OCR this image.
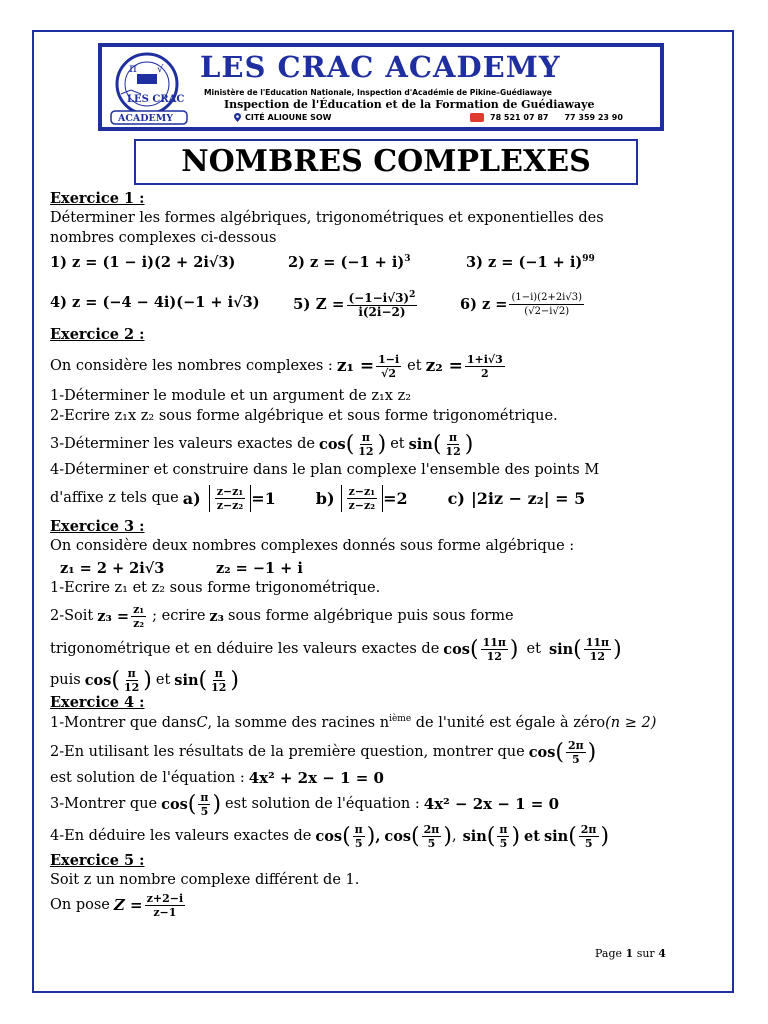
π √
LES CRAC
ACADEMY
LES CRAC ACADEMY
Ministère de l'Education Nationale, Inspection d'Académie de Pikine–Guédiawaye
Inspection de l'Éducation et de la Formation de Guédiawaye
CITÉ ALIOUNE SOW	78 521 07 87 77 359 23 90
NOMBRES COMPLEXES
Exercice 1 :
Déterminer les formes algébriques, trigonométriques et exponentielles des
nombres complexes ci-dessous
1) z = (1 − i)(2 + 2i√3)	2) $z = (-1 + i)^3$	3) $z = (-1 + i)^{99}$
4) z = (−4 − 4i)(−1 + i√3) 5) $Z = \frac{(-1-i√3)^2}{i(2i-2)}$	6) $z = \frac{(1-i)(2+2i√3)}{(√2-i√2)}$
Exercice 2 :
On considère les nombres complexes : $z_1 = \frac{1-i}{√2}$ et $z_2 = \frac{1+i√3}{2}$
1-Déterminer le module et un argument de z₁x z₂
2-Ecrire z₁x z₂ sous forme algébrique et sous forme trigonométrique.
3-Déterminer les valeurs exactes de cos ( $\frac{\pi}{12}$ ) et sin ( $\frac{\pi}{12}$ )
4-Déterminer et construire dans le plan complexe l'ensemble des points M
d'affixe z tels que $a) \frac{\text{z−z₁}}{\text{z−z₂}} =1$	$b) \frac{\text{z−z₁}}{\text{z−z₂}} =2$	c) |2iz − z₂| = 5
Exercice 3 :
On considère deux nombres complexes donnés sous forme algébrique :
z₁ = 2 + 2i√3	z₂ = −1 + i
1-Ecrire z₁ et z₂ sous forme trigonométrique.
2-Soit $z_3 = \frac{\text{z₁}}{\text{z₂}}$ ; ecrire z₃ sous forme algébrique puis sous forme
trigonométrique et en déduire les valeurs exactes de cos ( $\frac{11\pi}{12}$ ) et sin ( $\frac{11\pi}{12}$ )
puis cos ( $\frac{\pi}{12}$ ) et sin ( $\frac{\pi}{12}$ )
Exercice 4 :
1-Montrer que dansC, la somme des racines $n^{ième}$ de l'unité est égale à zéro(n ≥ 2)
2-En utilisant les résultats de la première question, montrer que cos ( $\frac{2\pi}{5}$ )
est solution de l'équation : 4x² + 2x − 1 = 0
3-Montrer que cos ( $\frac{\pi}{5}$ ) est solution de l'équation : 4x² − 2x − 1 = 0
4-En déduire les valeurs exactes de cos ( $\frac{\pi}{5}$ ) , cos ( $\frac{2\pi}{5}$ ) , sin ( $\frac{\pi}{5}$ ) et sin ( $\frac{2\pi}{5}$ )
Exercice 5 :
Soit z un nombre complexe différent de 1.
On pose $Z = \frac{z+2-i}{z-1}$
Page 1 sur 4
